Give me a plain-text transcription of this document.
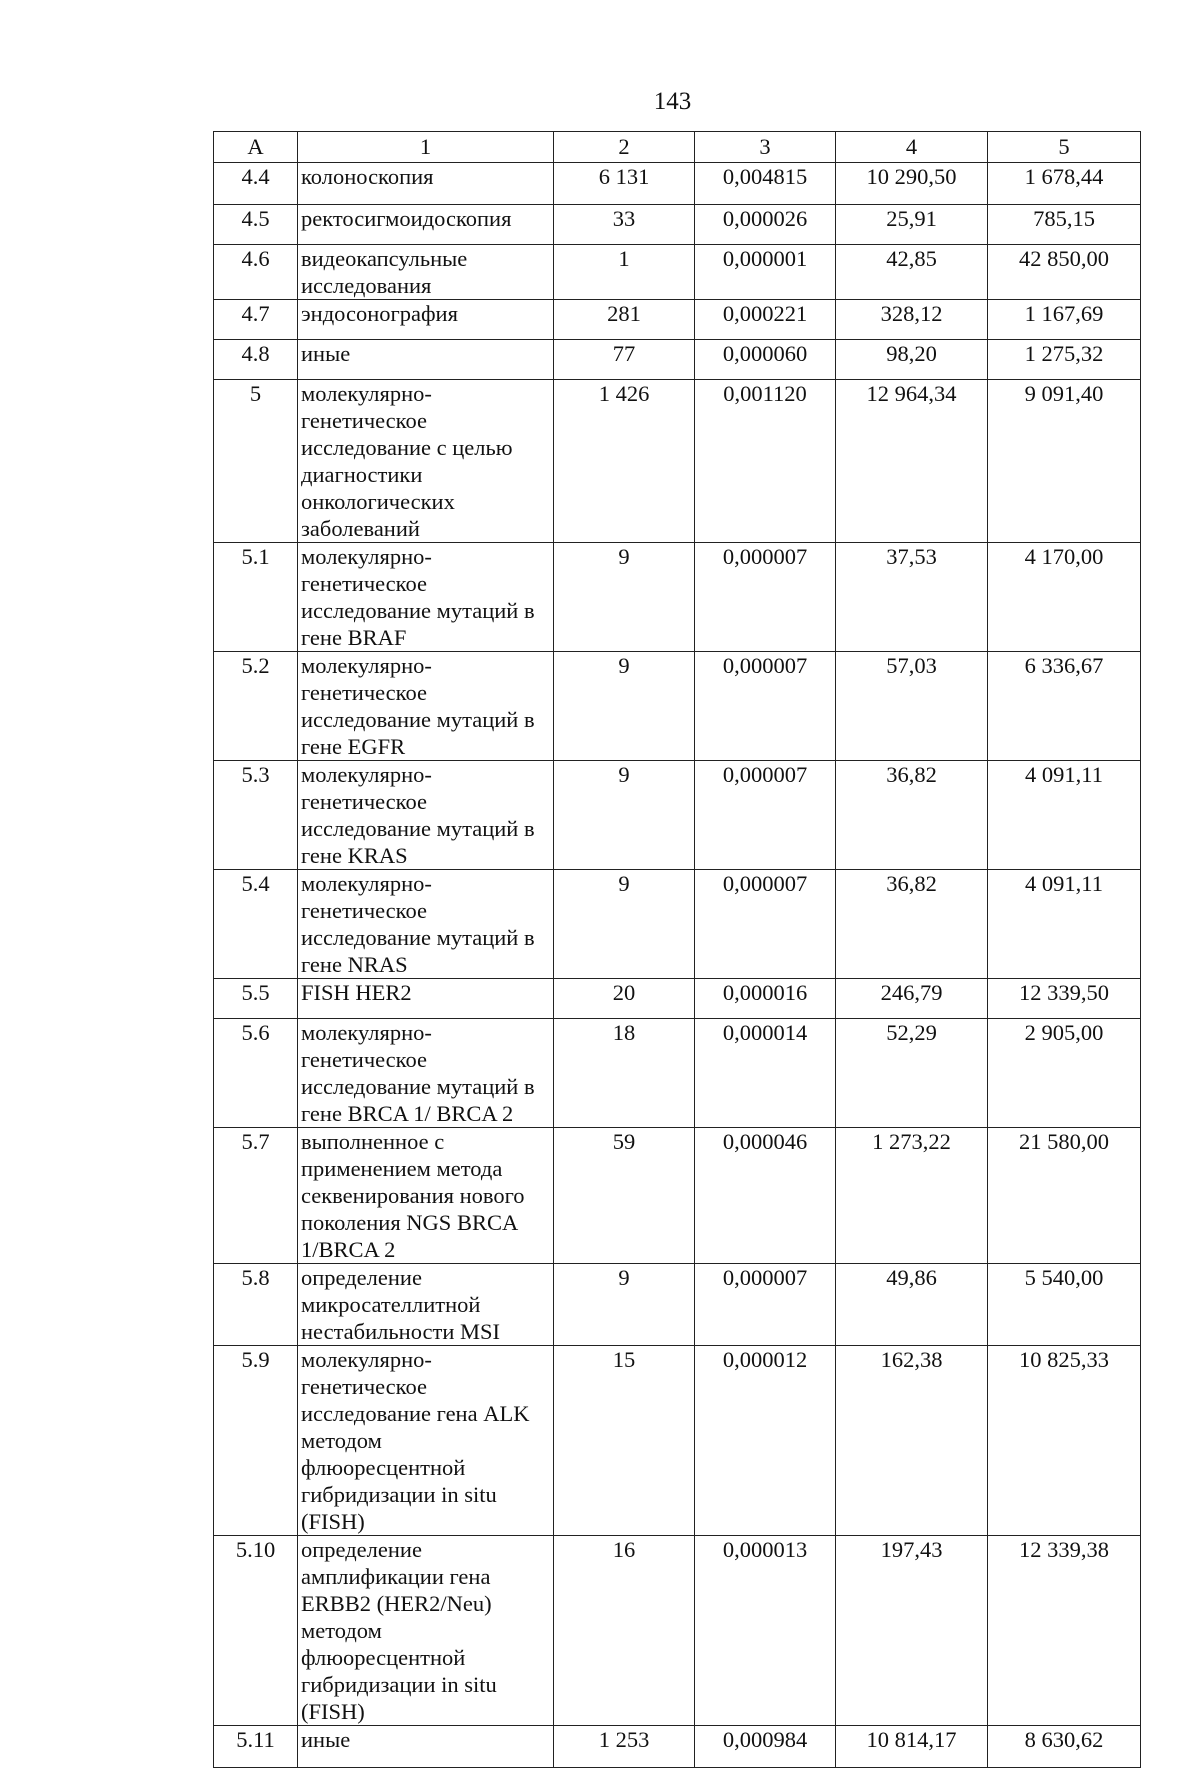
143
А	1	2	3	4	5
4.4	колоноскопия	6 131	0,004815	10 290,50	1 678,44
4.5	ректосигмоидоскопия	33	0,000026	25,91	785,15
4.6	видеокапсульные исследования	1	0,000001	42,85	42 850,00
4.7	эндосонография	281	0,000221	328,12	1 167,69
4.8	иные	77	0,000060	98,20	1 275,32
5	молекулярно-генетическое исследование с целью диагностики онкологических заболеваний	1 426	0,001120	12 964,34	9 091,40
5.1	молекулярно-генетическое исследование мутаций в гене BRAF	9	0,000007	37,53	4 170,00
5.2	молекулярно-генетическое исследование мутаций в гене EGFR	9	0,000007	57,03	6 336,67
5.3	молекулярно-генетическое исследование мутаций в гене KRAS	9	0,000007	36,82	4 091,11
5.4	молекулярно-генетическое исследование мутаций в гене NRAS	9	0,000007	36,82	4 091,11
5.5	FISH HER2	20	0,000016	246,79	12 339,50
5.6	молекулярно-генетическое исследование мутаций в гене BRCA 1/ BRCA 2	18	0,000014	52,29	2 905,00
5.7	выполненное с применением метода секвенирования нового поколения NGS BRCA 1/BRCA 2	59	0,000046	1 273,22	21 580,00
5.8	определение микросателлитной нестабильности MSI	9	0,000007	49,86	5 540,00
5.9	молекулярно-генетическое исследование гена ALK методом флюоресцентной гибридизации in situ (FISH)	15	0,000012	162,38	10 825,33
5.10	определение амплификации гена ERBB2 (HER2/Neu) методом флюоресцентной гибридизации in situ (FISH)	16	0,000013	197,43	12 339,38
5.11	иные	1 253	0,000984	10 814,17	8 630,62
